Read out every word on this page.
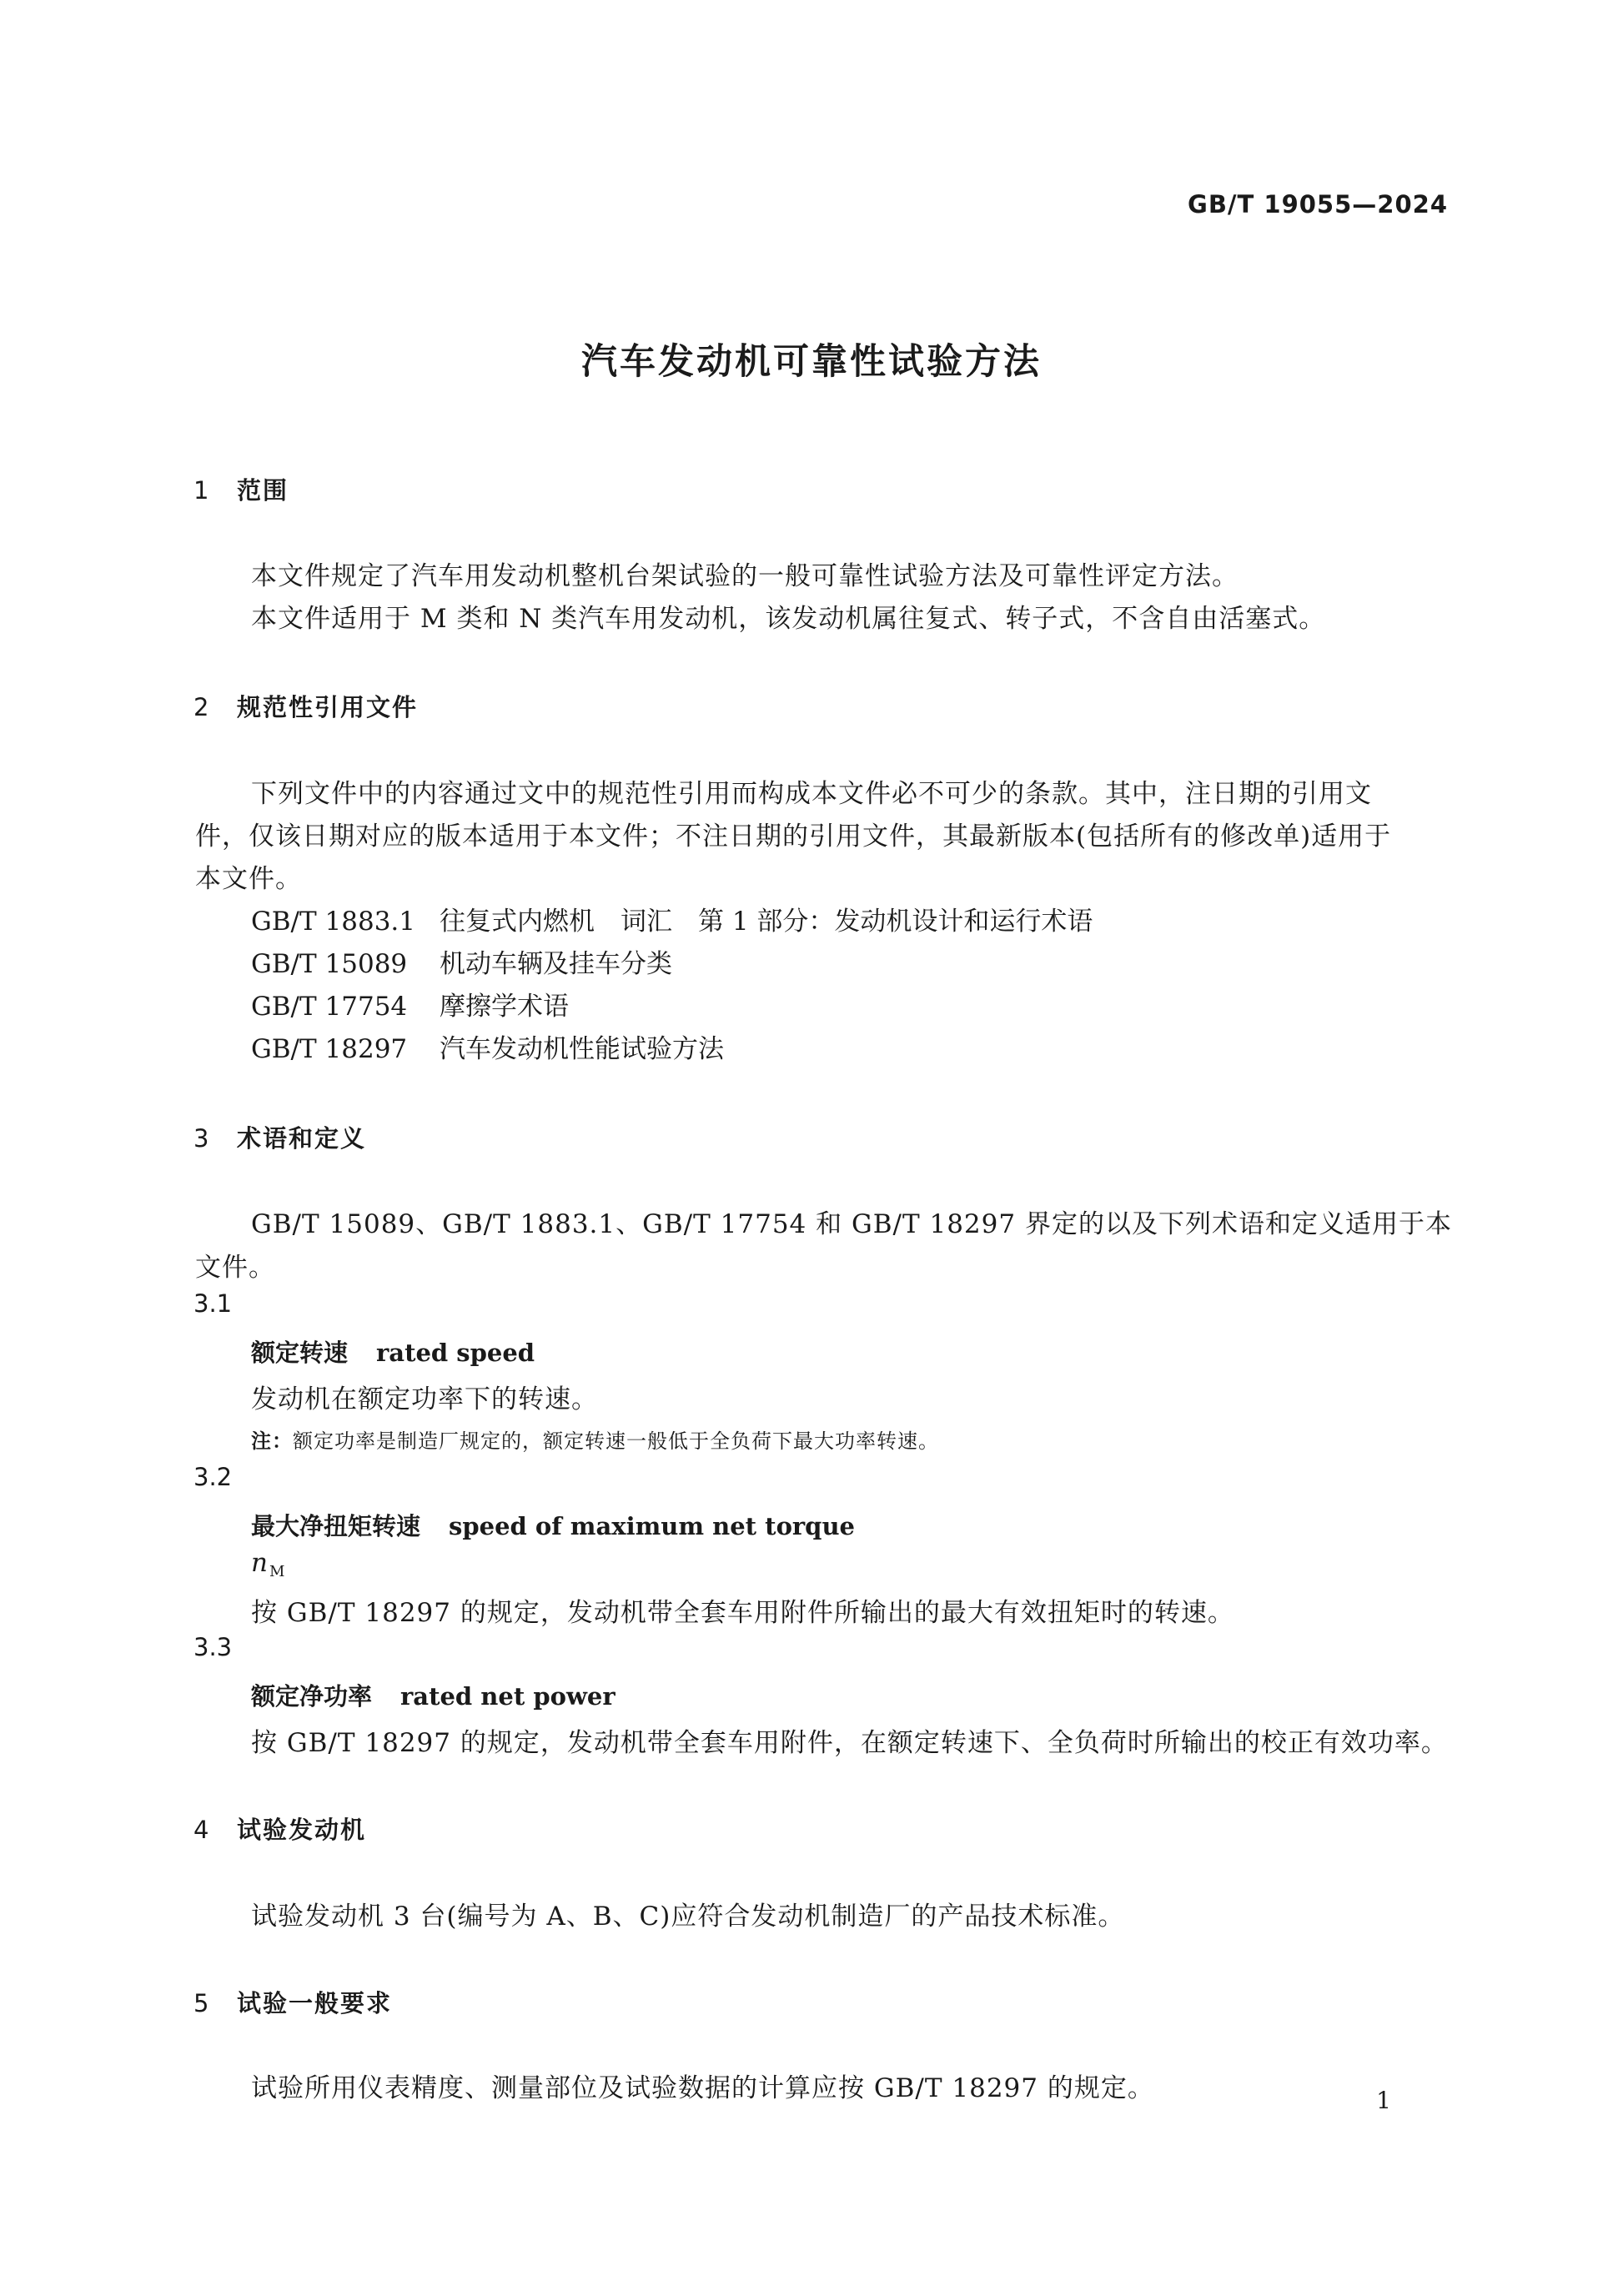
GB/T 19055—2024
汽车发动机可靠性试验方法
1 范围
本文件规定了汽车用发动机整机台架试验的一般可靠性试验方法及可靠性评定方法。
本文件适用于 M 类和 N 类汽车用发动机，该发动机属往复式、转子式，不含自由活塞式。
2 规范性引用文件
下列文件中的内容通过文中的规范性引用而构成本文件必不可少的条款。其中，注日期的引用文
件，仅该日期对应的版本适用于本文件；不注日期的引用文件，其最新版本(包括所有的修改单)适用于
本文件。
GB/T 1883.1 往复式内燃机　词汇　第 1 部分：发动机设计和运行术语
GB/T 15089 机动车辆及挂车分类
GB/T 17754 摩擦学术语
GB/T 18297 汽车发动机性能试验方法
3 术语和定义
GB/T 15089、GB/T 1883.1、GB/T 17754 和 GB/T 18297 界定的以及下列术语和定义适用于本
文件。
3.1
额定转速 rated speed
发动机在额定功率下的转速。
注：额定功率是制造厂规定的，额定转速一般低于全负荷下最大功率转速。
3.2
最大净扭矩转速 speed of maximum net torque
n $_M$
按 GB/T 18297 的规定，发动机带全套车用附件所输出的最大有效扭矩时的转速。
3.3
额定净功率 rated net power
按 GB/T 18297 的规定，发动机带全套车用附件，在额定转速下、全负荷时所输出的校正有效功率。
4 试验发动机
试验发动机 3 台(编号为 A、B、C)应符合发动机制造厂的产品技术标准。
5 试验一般要求
试验所用仪表精度、测量部位及试验数据的计算应按 GB/T 18297 的规定。	1
